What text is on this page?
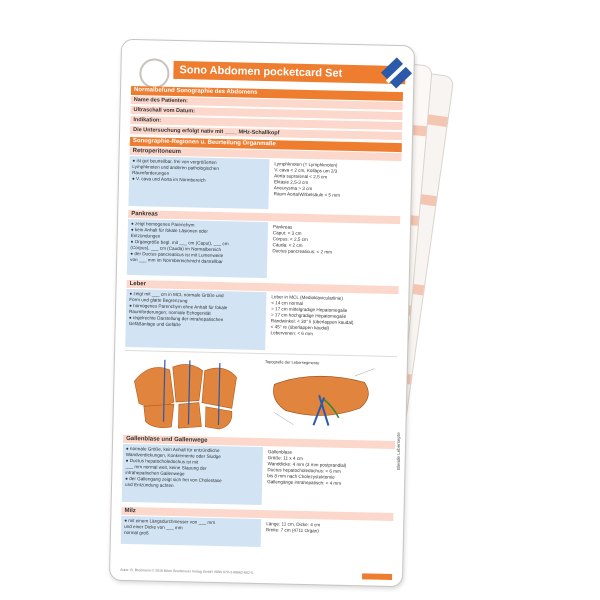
Sono Abdomen pocketcard Set
Normalbefund Sonographie des Abdomens
Name des Patienten:
Ultraschall vom Datum:
Indikation:
Die Untersuchung erfolgt nativ mit ____ MHz-Schallkopf
Sonographie-Regionen u. Beurteilung Organmaße
Retroperitoneum
● ist gut beurteilbar, frei von vergrößerten
Lymphknoten und anderen pathologischen
Raumforderungen
● V. cava und Aorta im Normbereich
Lymphknoten (= Lymphknoten)
V. cava < 2 cm, Kollaps um 2/3
Aorta suprarenal < 2,5 cm
Ektasie 2,5-3 cm
Aneurysma > 3 cm
Raum Aorta/Wirbelsäule < 5 mm
Pankreas
● zeigt homogenes Parenchym
● kein Anhalt für fokale Läsionen oder
Entzündungen
● Organgröße begl. mit ___ cm (Caput), ___ cm
(Corpus), ___ cm (Cauda) im Normalbereich
● der Ductus pancreaticus ist mit Lumenweite
von ___ mm im Normbereich/nicht darstellbar
Pankreas
Caput: < 3 cm
Corpus: < 2,5 cm
Cauda: < 2 cm
Ductus pancreaticus: < 2 mm
Leber
● zeigt mit ___ cm in MCL normale Größe und
Form und glatte Begrenzung
● homogenes Parenchym ohne Anhalt für fokale
Raumforderungen; normale Echogenität
● regelrechte Darstellung der intrahepatischen
Gefäßanlage und Gefäße
Leber in MCL (Medioklavicularlinie)
< 14 cm normal
> 17 cm mittelgradige Hepatomegalie
> 17 cm hochgradige Hepatomegalie
Randwinkel: < 30° li (überlappen kaudal)
< 45° re (überlappen kaudal)
Lebervenen: < 6 mm
Topografie der Lebersegmente
Gallenblase und Gallenwege
● normale Größe, kein Anhalt für entzündliche
Wandverdickungen, Konkremente oder Sludge
● Ductus hepatocholedochus ist mit
___ mm normal weit, keine Stauung der
intrahepatischen Gallenwege
● der Gallengang zeigt sich frei von Cholestase
und Entzündung achten
Gallenblase
Größe: 11 x 4 cm
Wanddicke: 4 mm (3 mm postprandial)
Ductus hepatocholedochus: < 6 mm
bis 8 mm nach Cholezystektomie
Gallengänge intrahepatisch: < 4 mm
Milz
● mit einem Längsdurchmesser von ___ mm
und einer Dicke von ___ mm
normal groß
Länge: 11 cm, Dicke: 4 cm
Breite: 7 cm (4711 Organ)
Autor: B. Breitmann © 2016 Börm Bruckmeier Verlag GmbH ISBN 978-3-89862-662-5
